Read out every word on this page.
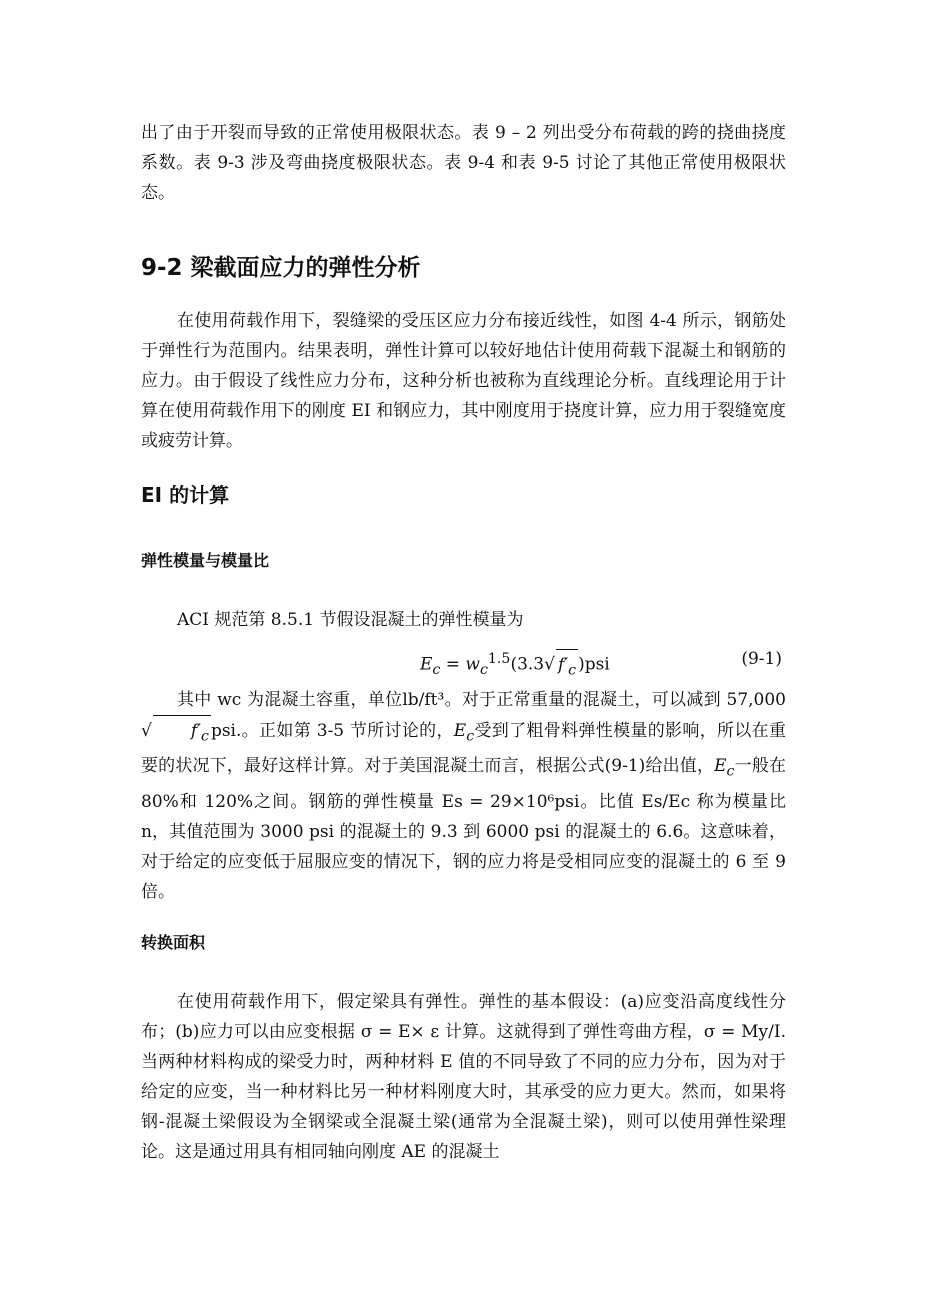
出了由于开裂而导致的正常使用极限状态。表 9 – 2 列出受分布荷载的跨的挠曲挠度系数。表 9-3 涉及弯曲挠度极限状态。表 9-4 和表 9-5 讨论了其他正常使用极限状态。

9-2 梁截面应力的弹性分析

在使用荷载作用下，裂缝梁的受压区应力分布接近线性，如图 4-4 所示，钢筋处于弹性行为范围内。结果表明，弹性计算可以较好地估计使用荷载下混凝土和钢筋的应力。由于假设了线性应力分布，这种分析也被称为直线理论分析。直线理论用于计算在使用荷载作用下的刚度 EI 和钢应力，其中刚度用于挠度计算，应力用于裂缝宽度或疲劳计算。

EI 的计算
弹性模量与模量比

ACI 规范第 8.5.1 节假设混凝土的弹性模量为

$E_c = w_c^{1.5}(3.3√$ $f'_c$ )psi	(9-1)

其中 wc 为混凝土容重，单位lb/ft³。对于正常重量的混凝土，可以减到 57,000 √ $f'_c$ psi.。正如第 3-5 节所讨论的，$E_c$受到了粗骨料弹性模量的影响，所以在重要的状况下，最好这样计算。对于美国混凝土而言，根据公式(9-1)给出值，$E_c$一般在 80%和 120%之间。钢筋的弹性模量 Es = 29×10⁶psi。比值 Es/Ec 称为模量比 n，其值范围为 3000 psi 的混凝土的 9.3 到 6000 psi 的混凝土的 6.6。这意味着，对于给定的应变低于屈服应变的情况下，钢的应力将是受相同应变的混凝土的 6 至 9 倍。

转换面积

在使用荷载作用下，假定梁具有弹性。弹性的基本假设：(a)应变沿高度线性分布；(b)应力可以由应变根据 σ = E× ε 计算。这就得到了弹性弯曲方程，σ = My/I. 当两种材料构成的梁受力时，两种材料 E 值的不同导致了不同的应力分布，因为对于给定的应变，当一种材料比另一种材料刚度大时，其承受的应力更大。然而，如果将钢-混凝土梁假设为全钢梁或全混凝土梁(通常为全混凝土梁)，则可以使用弹性梁理论。这是通过用具有相同轴向刚度 AE 的混凝土
